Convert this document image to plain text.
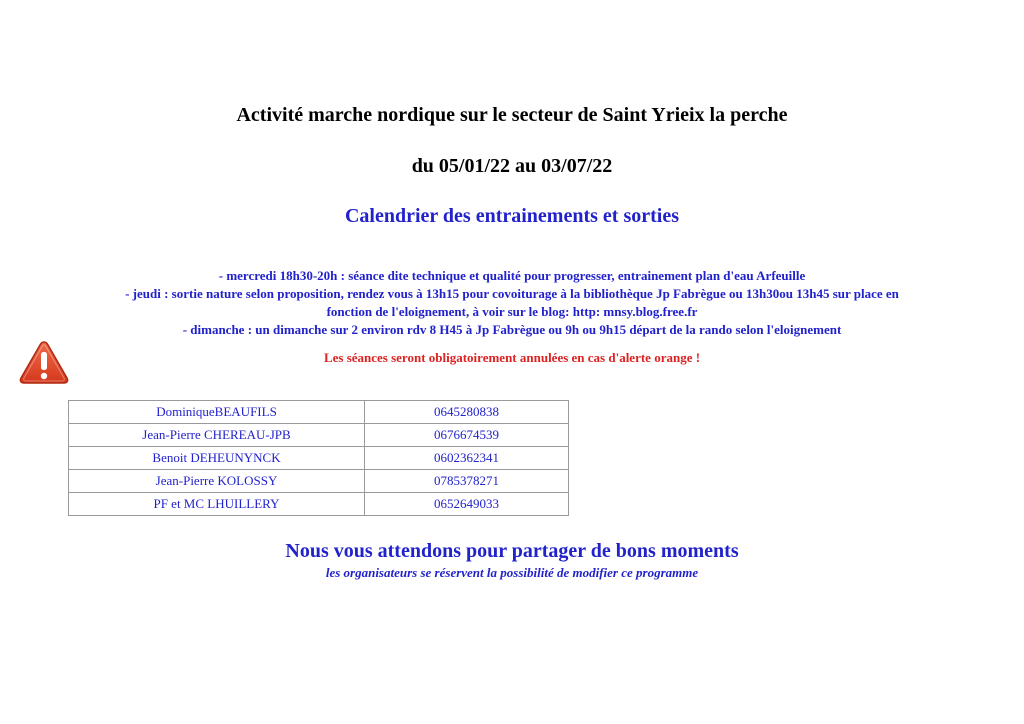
Activité marche nordique sur le secteur de Saint Yrieix la perche
du 05/01/22 au 03/07/22
Calendrier des entrainements et sorties
- mercredi 18h30-20h : séance dite technique et qualité pour progresser, entrainement plan d'eau Arfeuille
- jeudi : sortie nature selon proposition, rendez vous à 13h15 pour covoiturage à la bibliothèque Jp Fabrègue ou 13h30ou 13h45 sur place en
fonction de l'eloignement, à voir sur le blog: http: mnsy.blog.free.fr
- dimanche : un dimanche sur 2 environ rdv 8 H45 à Jp Fabrègue ou 9h ou 9h15 départ de la rando selon l'eloignement
Les séances seront obligatoirement annulées en cas d'alerte orange !
DominiqueBEAUFILS	0645280838
Jean-Pierre CHEREAU-JPB	0676674539
Benoit DEHEUNYNCK	0602362341
Jean-Pierre KOLOSSY	0785378271
PF et MC LHUILLERY	0652649033
Nous vous attendons pour partager de bons moments
les organisateurs se réservent la possibilité de modifier ce programme
